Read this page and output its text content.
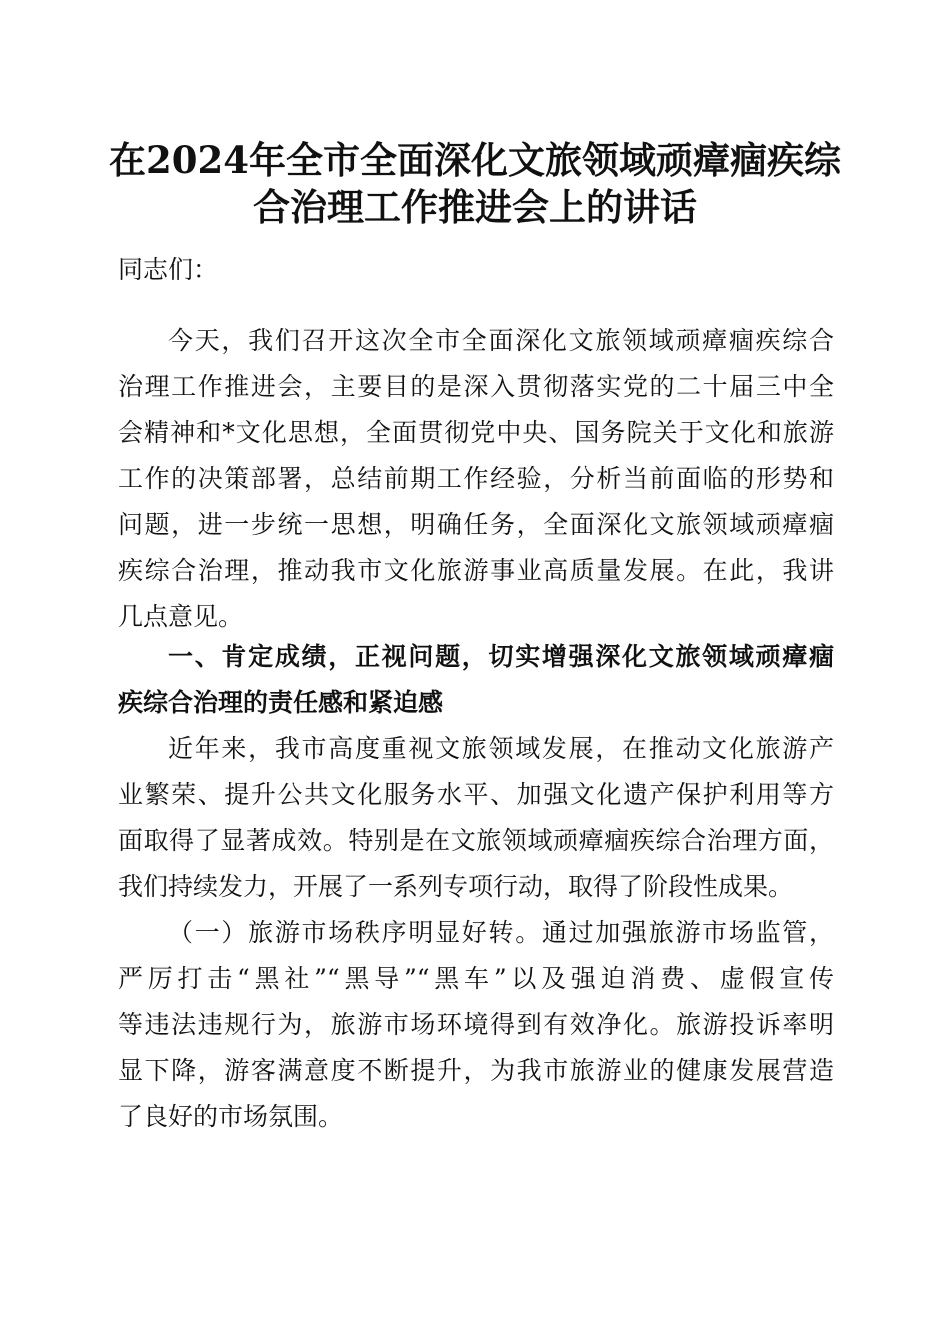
在2024年全市全面深化文旅领域顽瘴痼疾综
合治理工作推进会上的讲话
同志们：
今天，我们召开这次全市全面深化文旅领域顽瘴痼疾综合
治理工作推进会，主要目的是深入贯彻落实党的二十届三中全
会精神和*文化思想，全面贯彻党中央、国务院关于文化和旅游
工作的决策部署，总结前期工作经验，分析当前面临的形势和
问题，进一步统一思想，明确任务，全面深化文旅领域顽瘴痼
疾综合治理，推动我市文化旅游事业高质量发展。在此，我讲
几点意见。
一、肯定成绩，正视问题，切实增强深化文旅领域顽瘴痼
疾综合治理的责任感和紧迫感
近年来，我市高度重视文旅领域发展，在推动文化旅游产
业繁荣、提升公共文化服务水平、加强文化遗产保护利用等方
面取得了显著成效。特别是在文旅领域顽瘴痼疾综合治理方面，
我们持续发力，开展了一系列专项行动，取得了阶段性成果。
（一）旅游市场秩序明显好转。通过加强旅游市场监管，
严厉打击“黑社”“黑导”“黑车”以及强迫消费、虚假宣传
等违法违规行为，旅游市场环境得到有效净化。旅游投诉率明
显下降，游客满意度不断提升，为我市旅游业的健康发展营造
了良好的市场氛围。
